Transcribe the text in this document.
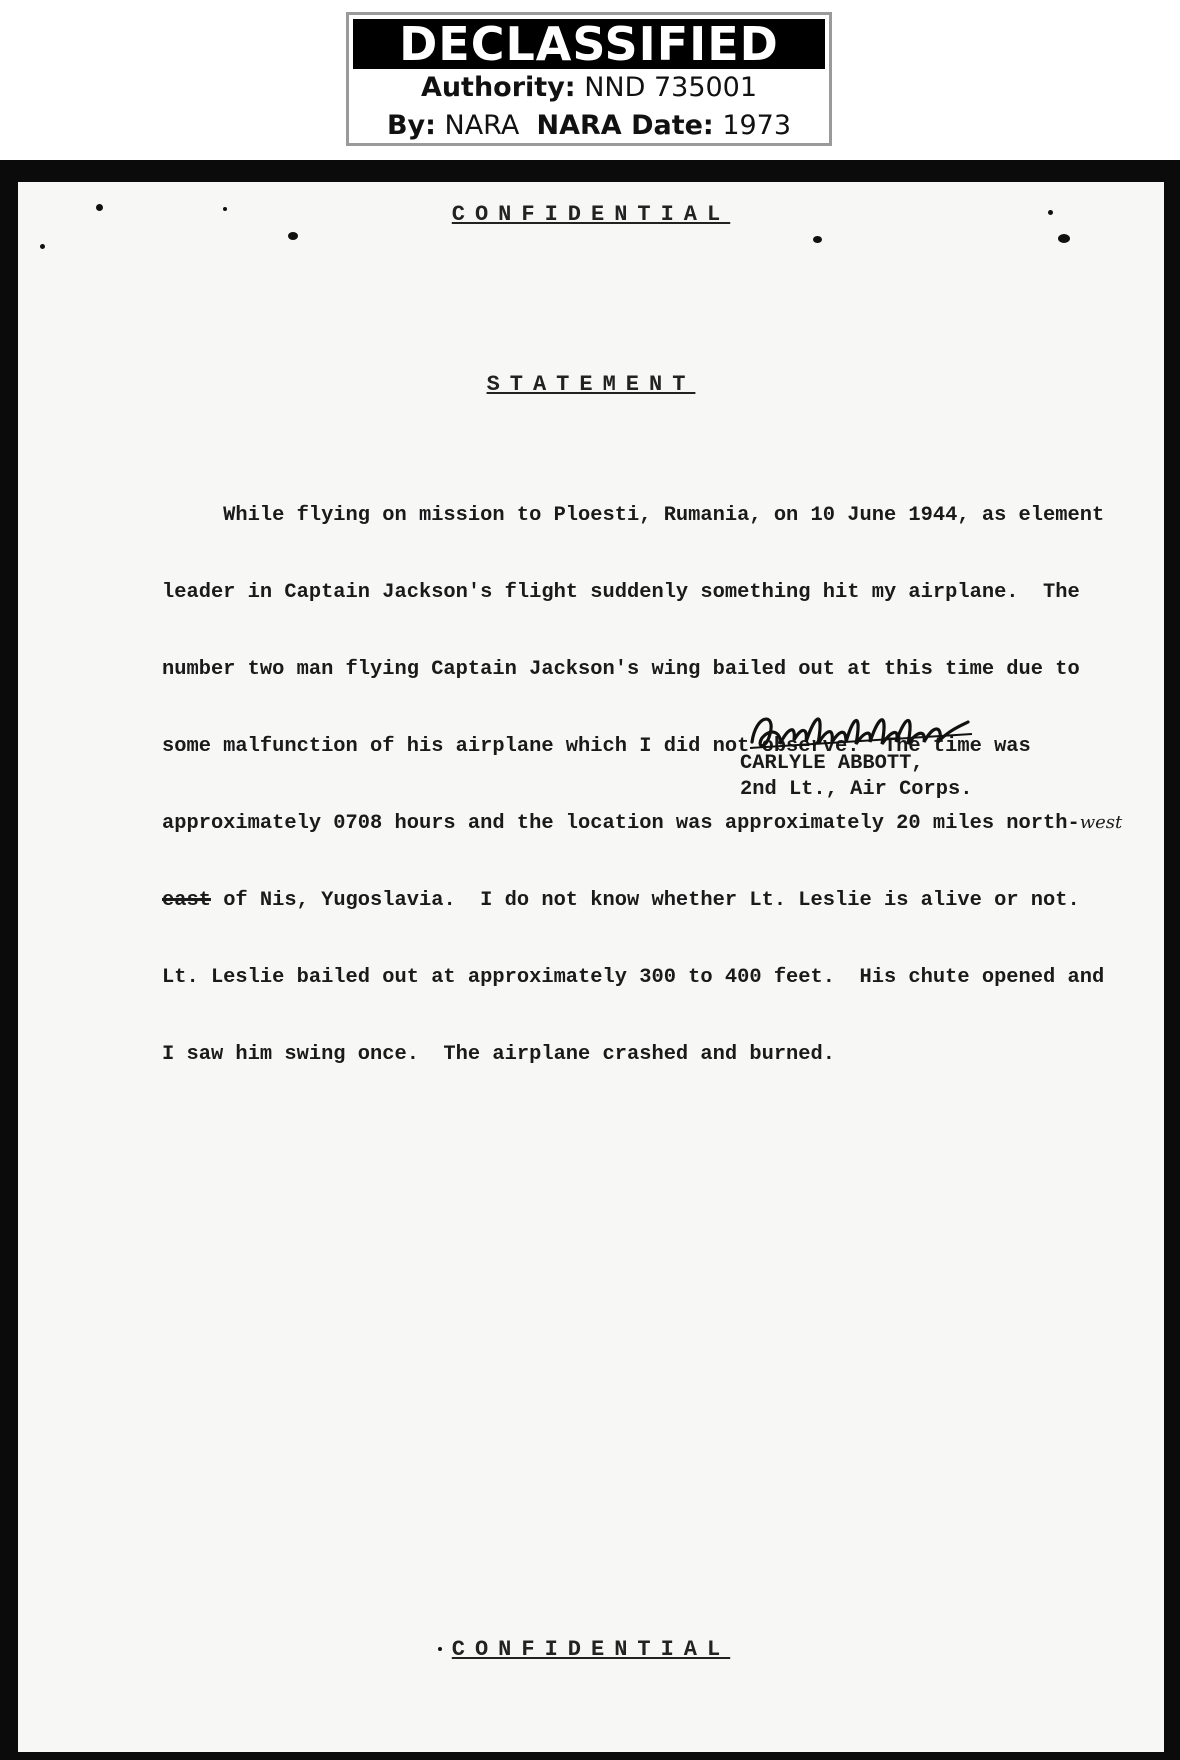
DECLASSIFIED
Authority: NND 735001
By: NARA NARA Date: 1973
CONFIDENTIAL
STATEMENT

While flying on mission to Ploesti, Rumania, on 10 June 1944, as element

leader in Captain Jackson's flight suddenly something hit my airplane.  The

number two man flying Captain Jackson's wing bailed out at this time due to

some malfunction of his airplane which I did not observe.  The time was

approximately 0708 hours and the location was approximately 20 miles north-west

east of Nis, Yugoslavia.  I do not know whether Lt. Leslie is alive or not.

Lt. Leslie bailed out at approximately 300 to 400 feet.  His chute opened and

I saw him swing once.  The airplane crashed and burned.

CARLYLE ABBOTT,
2nd Lt., Air Corps.
CONFIDENTIAL
